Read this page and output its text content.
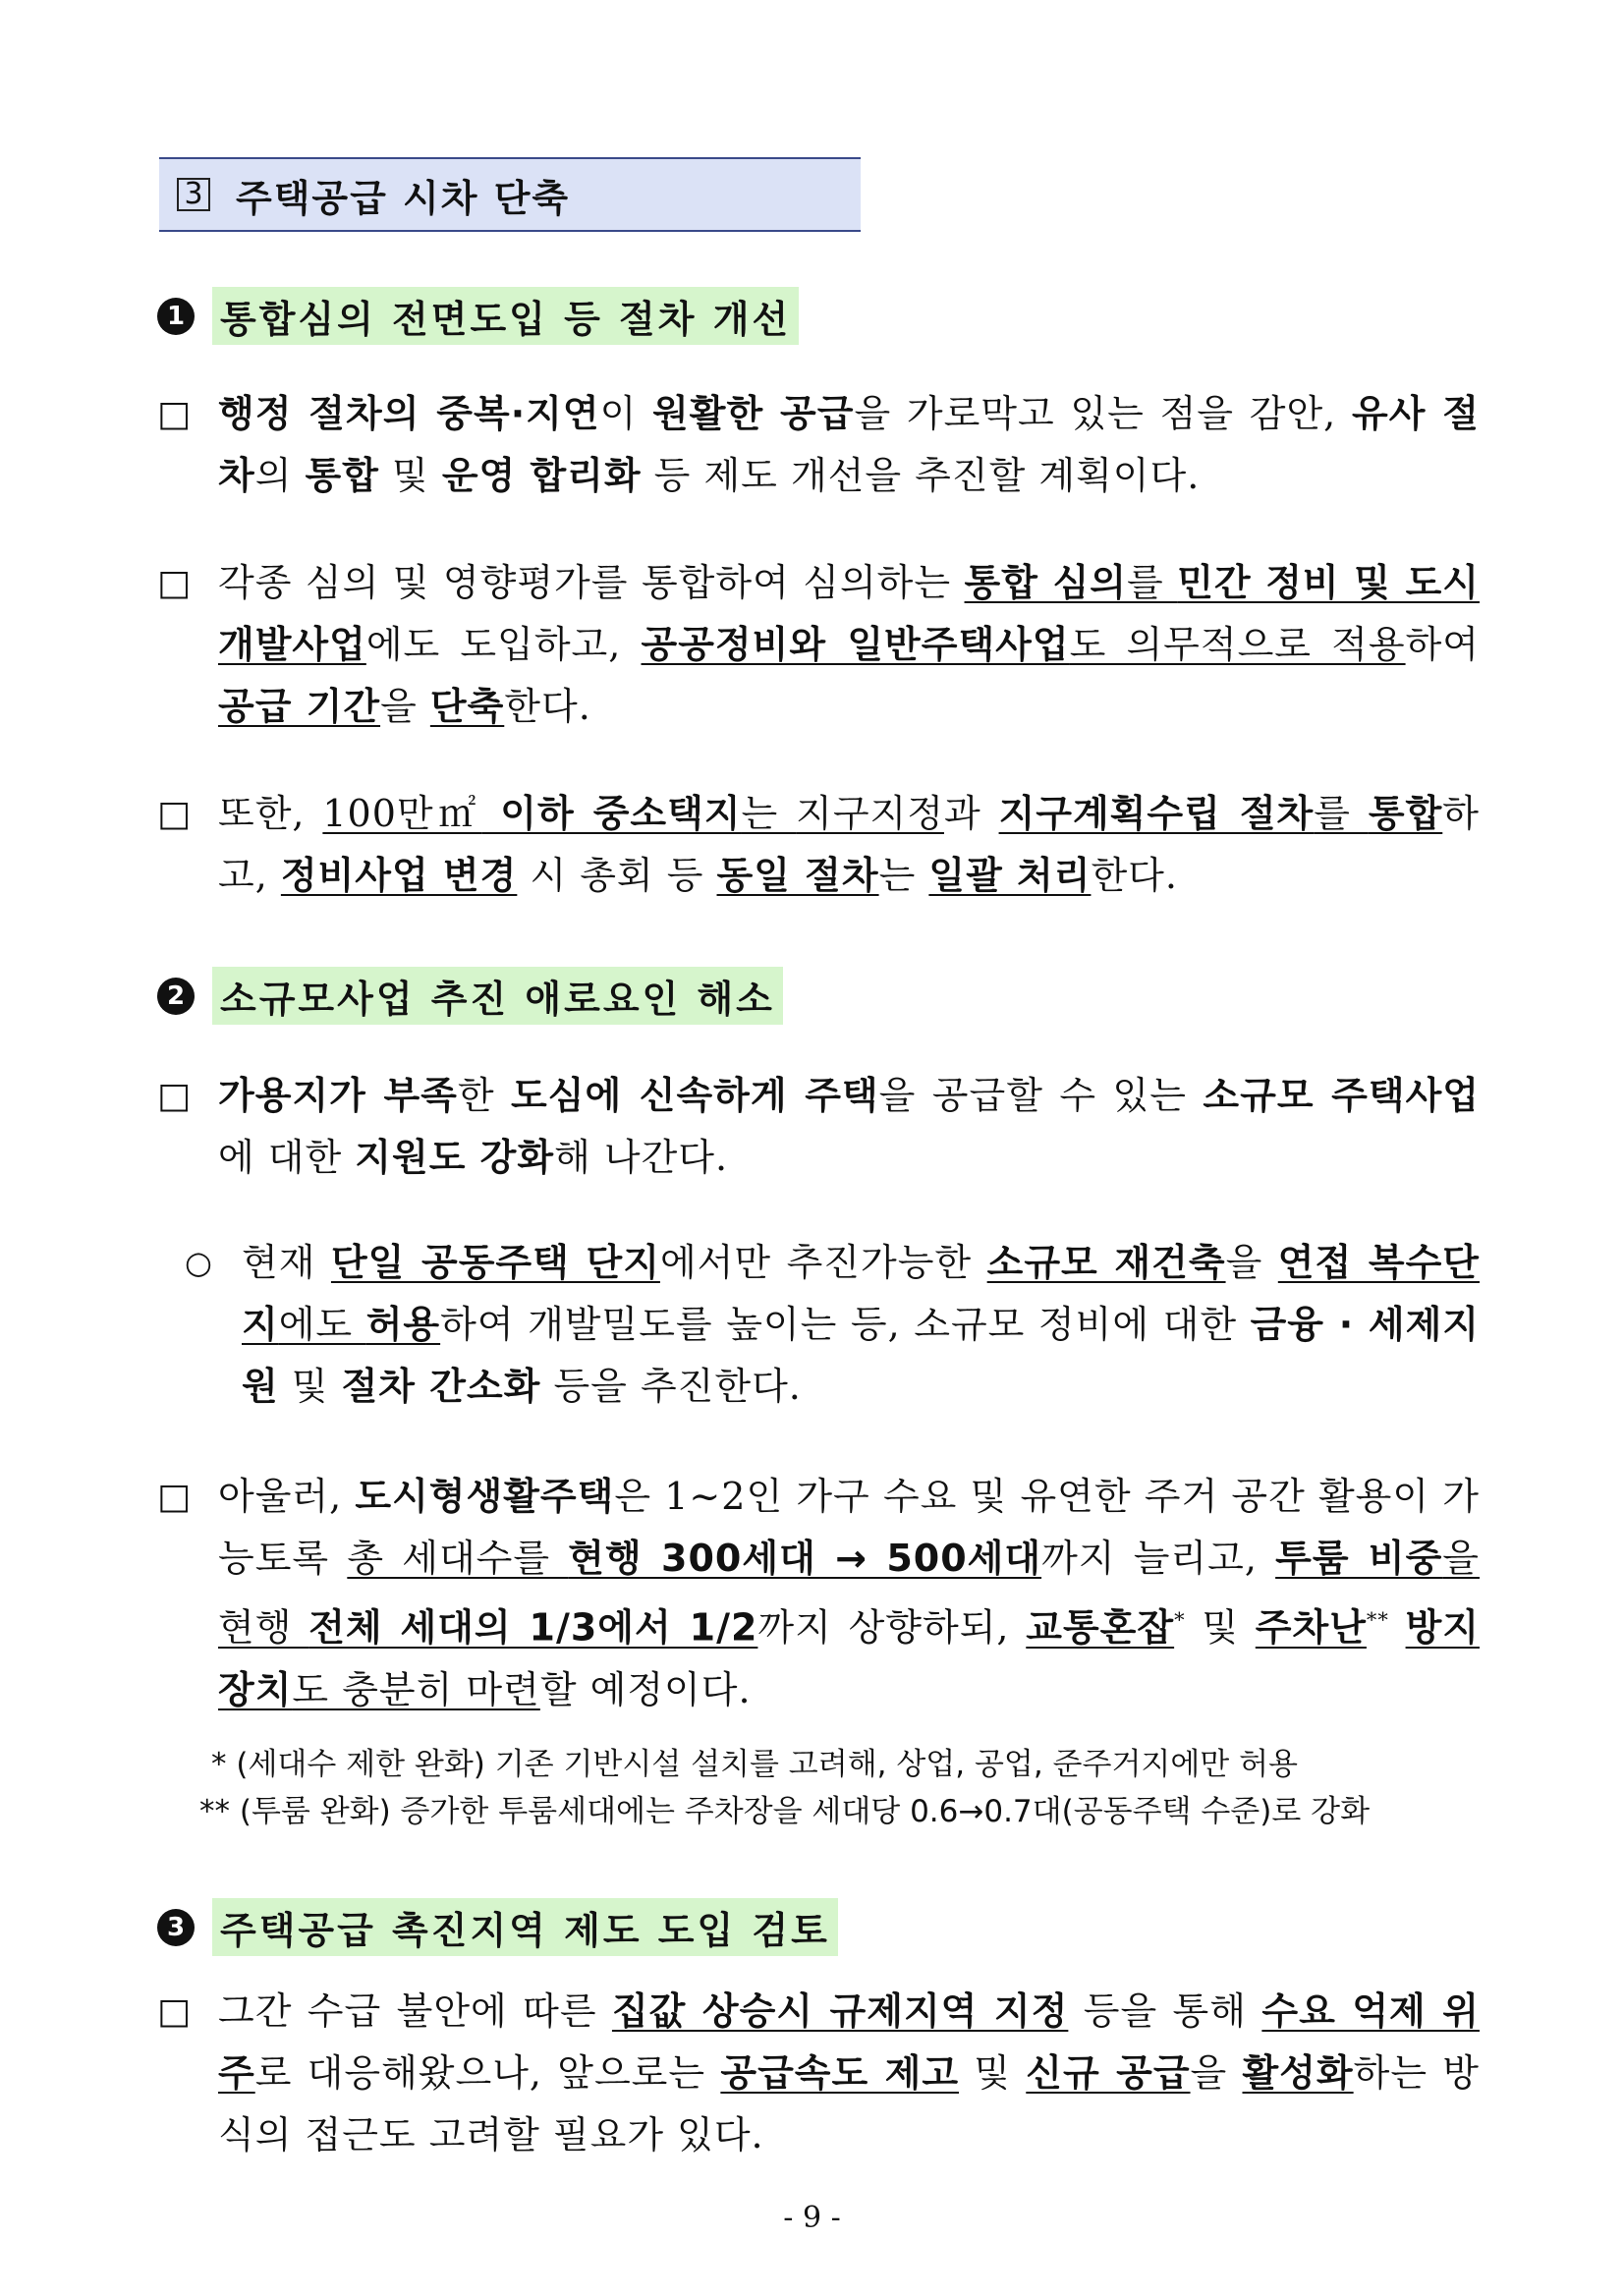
3 주택공급 시차 단축
1 통합심의 전면도입 등 절차 개선
□ 행정 절차의 중복·지연이 원활한 공급을 가로막고 있는 점을 감안, 유사 절차의 통합 및 운영 합리화 등 제도 개선을 추진할 계획이다.
□ 각종 심의 및 영향평가를 통합하여 심의하는 통합 심의를 민간 정비 및 도시개발사업에도 도입하고, 공공정비와 일반주택사업도 의무적으로 적용하여 공급 기간을 단축한다.
□ 또한, 100만㎡ 이하 중소택지는 지구지정과 지구계획수립 절차를 통합하고, 정비사업 변경 시 총회 등 동일 절차는 일괄 처리한다.
2 소규모사업 추진 애로요인 해소
□ 가용지가 부족한 도심에 신속하게 주택을 공급할 수 있는 소규모 주택사업에 대한 지원도 강화해 나간다.
○ 현재 단일 공동주택 단지에서만 추진가능한 소규모 재건축을 연접 복수단지에도 허용하여 개발밀도를 높이는 등, 소규모 정비에 대한 금융 · 세제지원 및 절차 간소화 등을 추진한다.
□ 아울러, 도시형생활주택은 1~2인 가구 수요 및 유연한 주거 공간 활용이 가능토록 총 세대수를 현행 300세대 → 500세대까지 늘리고, 투룸 비중을 현행 전체 세대의 1/3에서 1/2까지 상향하되, 교통혼잡* 및 주차난** 방지 장치도 충분히 마련할 예정이다.
* (세대수 제한 완화) 기존 기반시설 설치를 고려해, 상업, 공업, 준주거지에만 허용
** (투룸 완화) 증가한 투룸세대에는 주차장을 세대당 0.6→0.7대(공동주택 수준)로 강화
3 주택공급 촉진지역 제도 도입 검토
□ 그간 수급 불안에 따른 집값 상승시 규제지역 지정 등을 통해 수요 억제 위주로 대응해왔으나, 앞으로는 공급속도 제고 및 신규 공급을 활성화하는 방식의 접근도 고려할 필요가 있다.
- 9 -
